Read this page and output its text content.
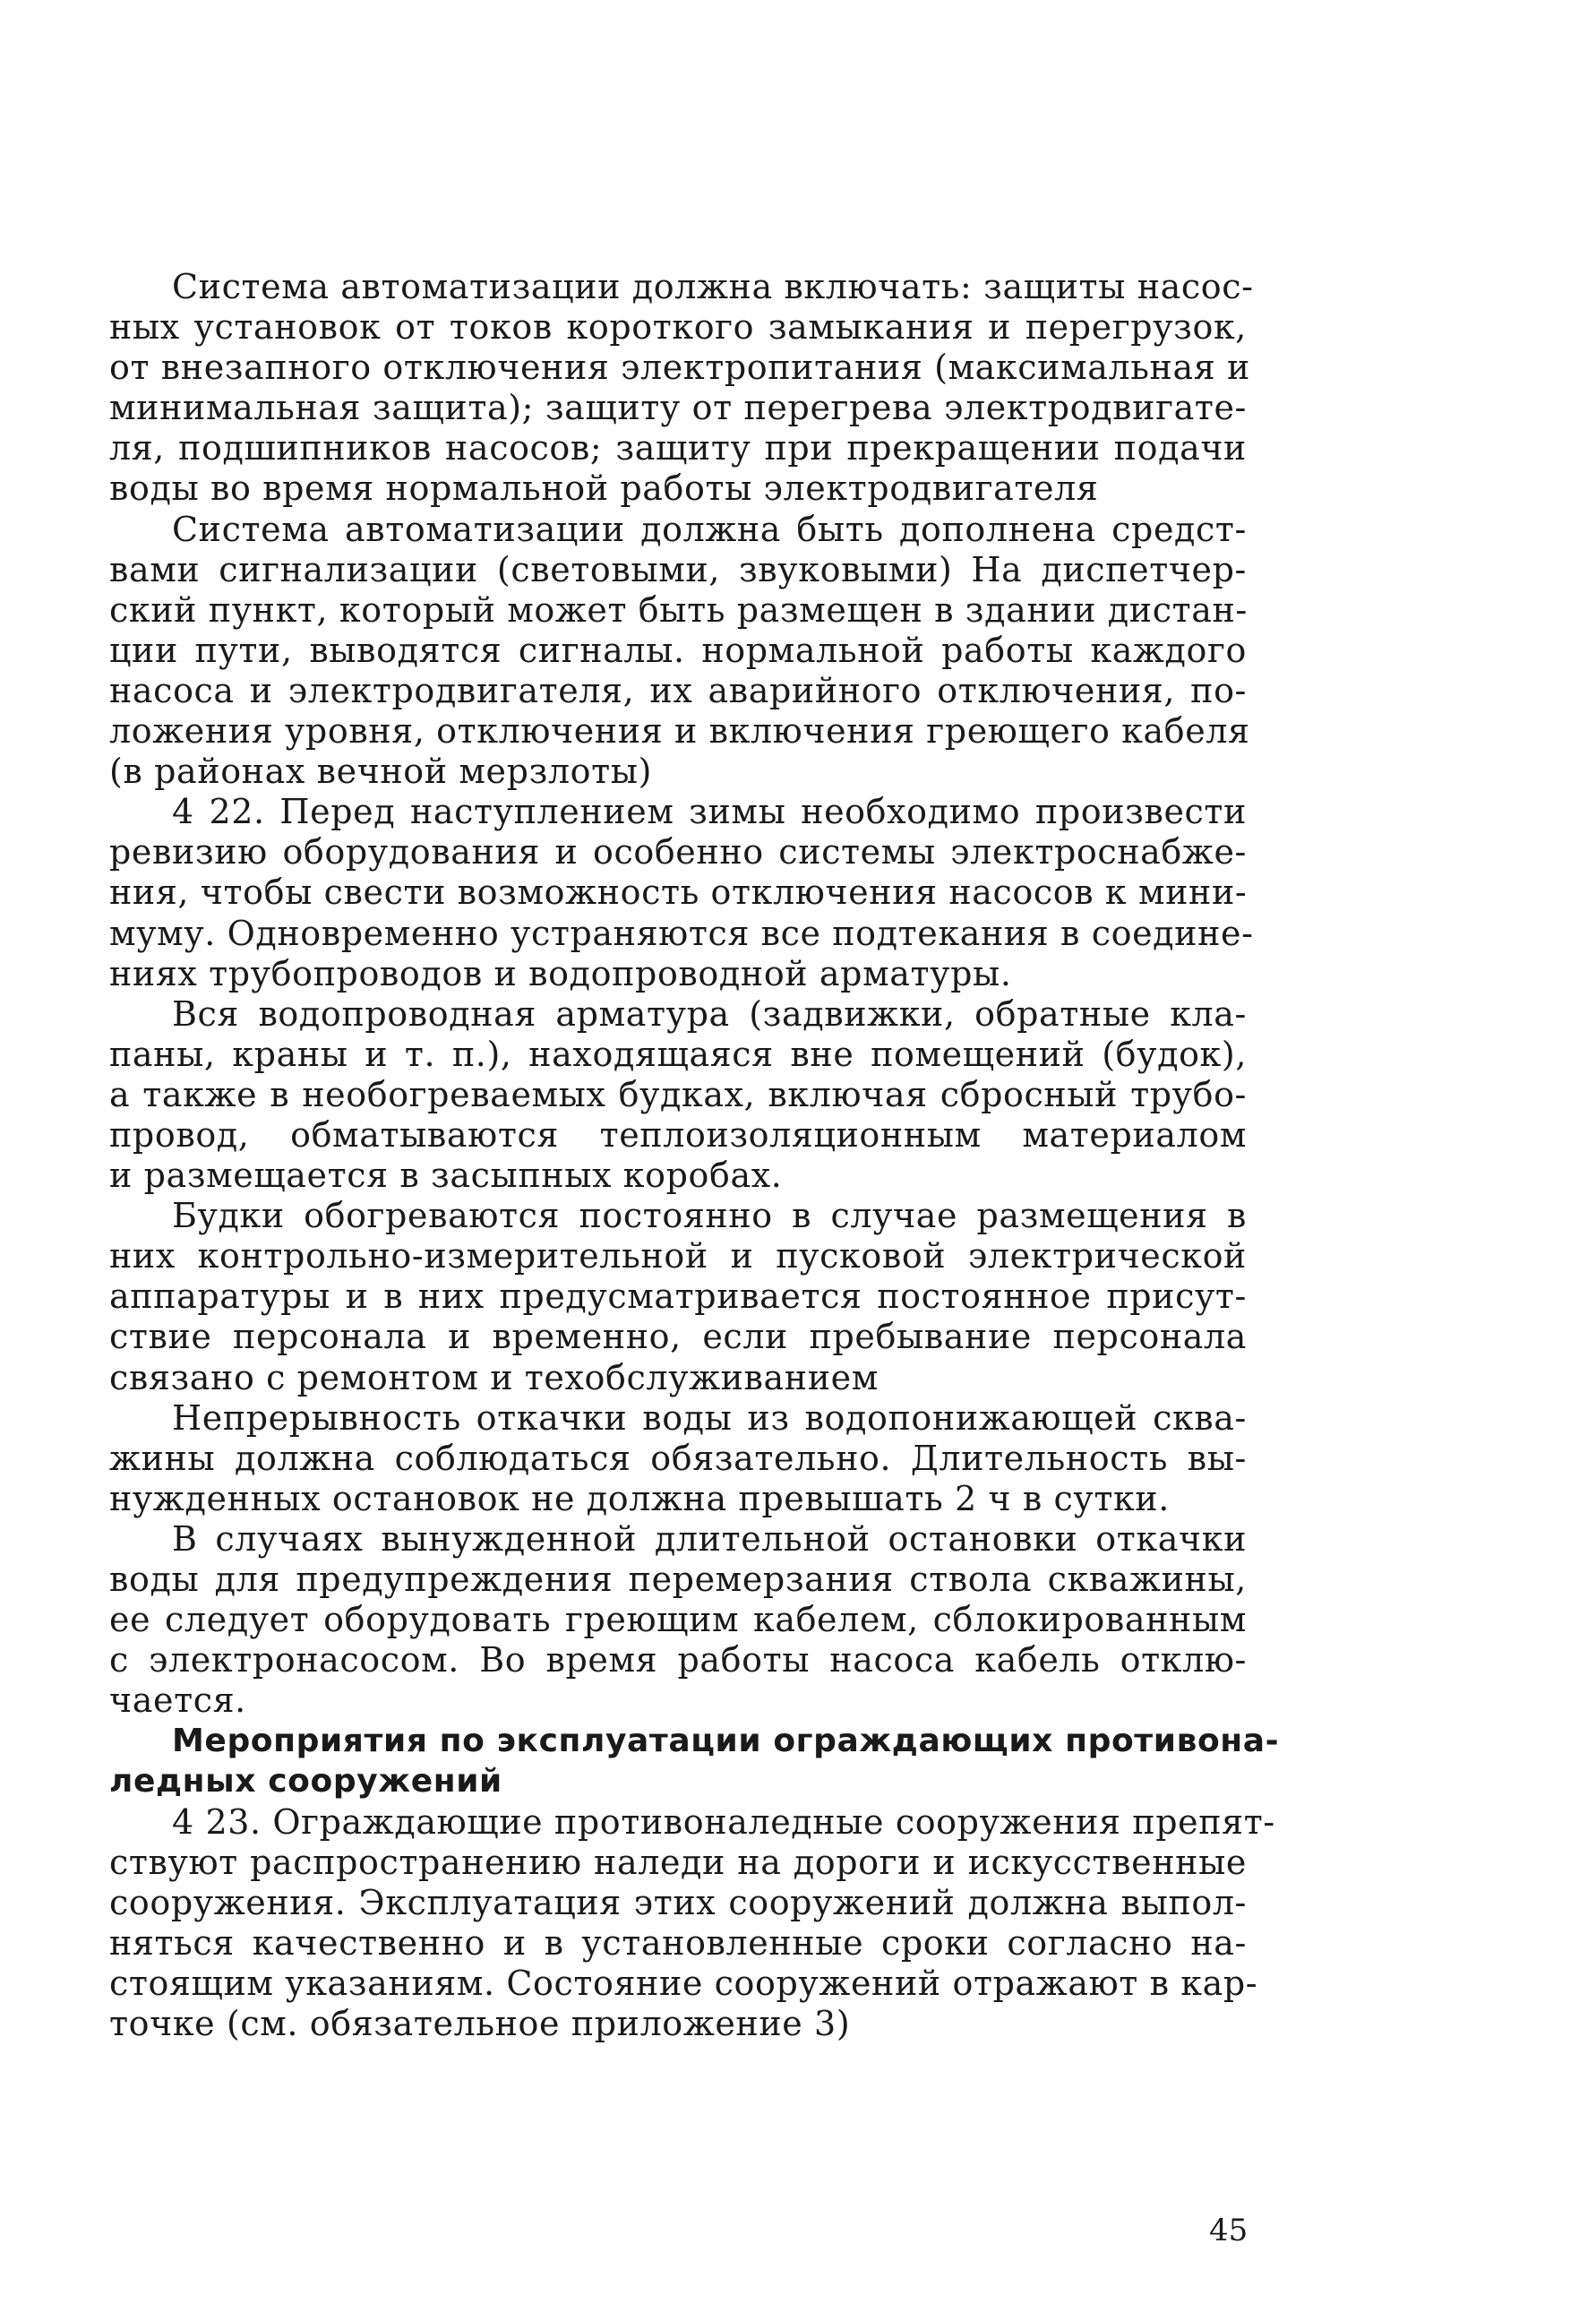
Система автоматизации должна включать: защиты насос-
ных установок от токов короткого замыкания и перегрузок,
от внезапного отключения электропитания (максимальная и
минимальная защита); защиту от перегрева электродвигате-
ля, подшипников насосов; защиту при прекращении подачи
воды во время нормальной работы электродвигателя
Система автоматизации должна быть дополнена средст-
вами сигнализации (световыми, звуковыми) На диспетчер-
ский пункт, который может быть размещен в здании дистан-
ции пути, выводятся сигналы. нормальной работы каждого
насоса и электродвигателя, их аварийного отключения, по-
ложения уровня, отключения и включения греющего кабеля
(в районах вечной мерзлоты)
4 22. Перед наступлением зимы необходимо произвести
ревизию оборудования и особенно системы электроснабже-
ния, чтобы свести возможность отключения насосов к мини-
муму. Одновременно устраняются все подтекания в соедине-
ниях трубопроводов и водопроводной арматуры.
Вся водопроводная арматура (задвижки, обратные кла-
паны, краны и т. п.), находящаяся вне помещений (будок),
а также в необогреваемых будках, включая сбросный трубо-
провод, обматываются теплоизоляционным материалом
и размещается в засыпных коробах.
Будки обогреваются постоянно в случае размещения в
них контрольно-измерительной и пусковой электрической
аппаратуры и в них предусматривается постоянное присут-
ствие персонала и временно, если пребывание персонала
связано с ремонтом и техобслуживанием
Непрерывность откачки воды из водопонижающей сква-
жины должна соблюдаться обязательно. Длительность вы-
нужденных остановок не должна превышать 2 ч в сутки.
В случаях вынужденной длительной остановки откачки
воды для предупреждения перемерзания ствола скважины,
ее следует оборудовать греющим кабелем, сблокированным
с электронасосом. Во время работы насоса кабель отклю-
чается.
Мероприятия по эксплуатации ограждающих противона-
ледных сооружений
4 23. Ограждающие противоналедные сооружения препят-
ствуют распространению наледи на дороги и искусственные
сооружения. Эксплуатация этих сооружений должна выпол-
няться качественно и в установленные сроки согласно на-
стоящим указаниям. Состояние сооружений отражают в кар-
точке (см. обязательное приложение 3)
45
